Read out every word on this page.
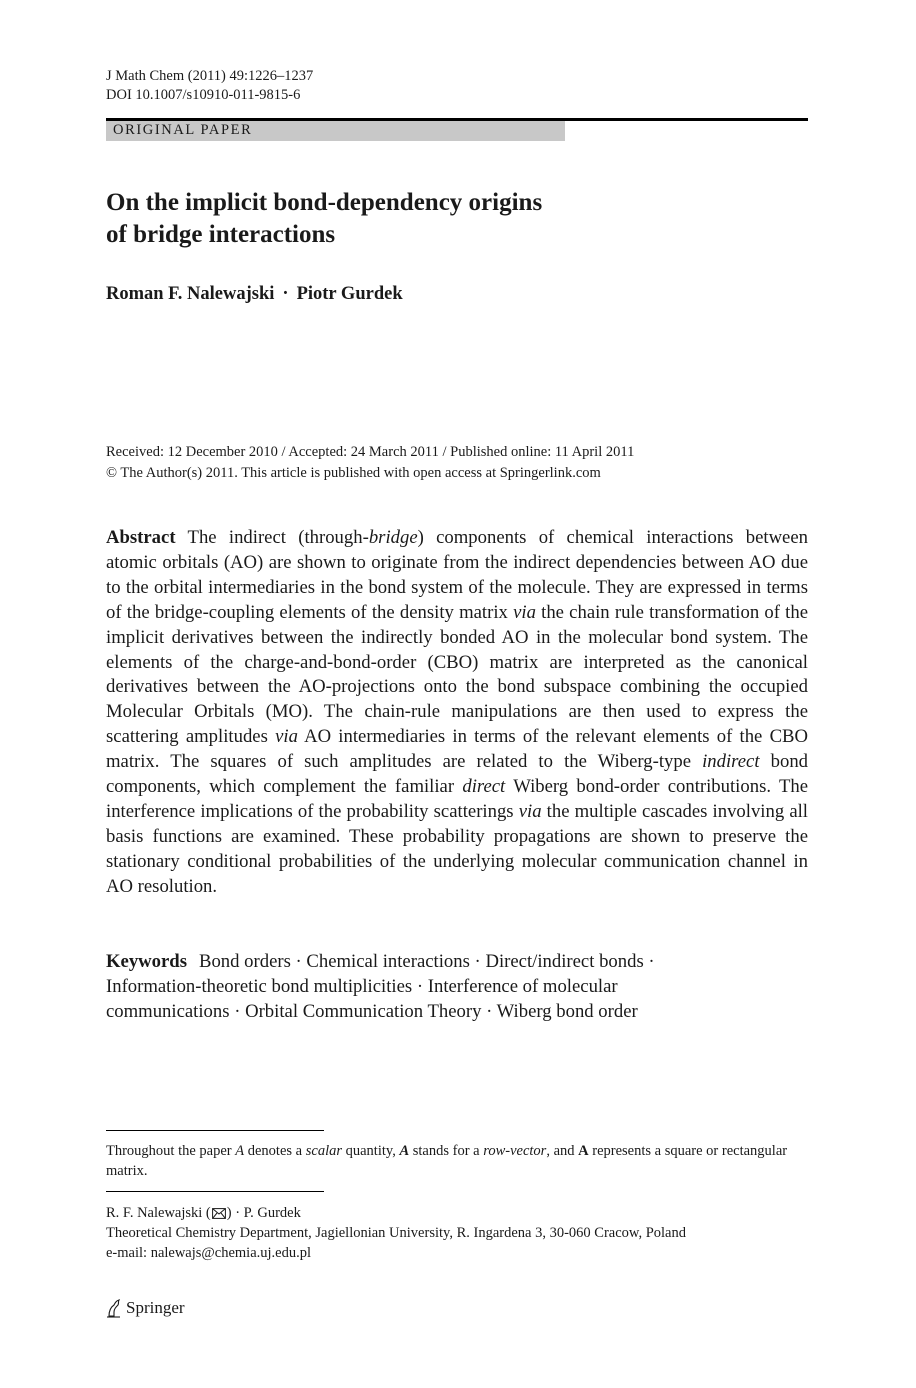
J Math Chem (2011) 49:1226–1237
DOI 10.1007/s10910-011-9815-6
ORIGINAL PAPER
On the implicit bond-dependency origins
of bridge interactions
Roman F. Nalewajski · Piotr Gurdek
Received: 12 December 2010 / Accepted: 24 March 2011 / Published online: 11 April 2011
© The Author(s) 2011. This article is published with open access at Springerlink.com
Abstract The indirect (through-bridge) components of chemical interactions between atomic orbitals (AO) are shown to originate from the indirect dependencies between AO due to the orbital intermediaries in the bond system of the molecule. They are expressed in terms of the bridge-coupling elements of the density matrix via the chain rule transformation of the implicit derivatives between the indirectly bonded AO in the molecular bond system. The elements of the charge-and-bond-order (CBO) matrix are interpreted as the canonical derivatives between the AO-projections onto the bond subspace combining the occupied Molecular Orbitals (MO). The chain-rule manipulations are then used to express the scattering amplitudes via AO intermediaries in terms of the relevant elements of the CBO matrix. The squares of such amplitudes are related to the Wiberg-type indirect bond components, which complement the familiar direct Wiberg bond-order contributions. The interference implications of the probability scatterings via the multiple cascades involving all basis functions are examined. These probability propagations are shown to preserve the stationary conditional probabilities of the underlying molecular communication channel in AO resolution.
Keywords Bond orders · Chemical interactions · Direct/indirect bonds ·
Information-theoretic bond multiplicities · Interference of molecular
communications · Orbital Communication Theory · Wiberg bond order
Throughout the paper A denotes a scalar quantity, A stands for a row-vector, and A represents a square or rectangular matrix.
R. F. Nalewajski ( ) · P. Gurdek
Theoretical Chemistry Department, Jagiellonian University, R. Ingardena 3, 30-060 Cracow, Poland
e-mail: nalewajs@chemia.uj.edu.pl
Springer
